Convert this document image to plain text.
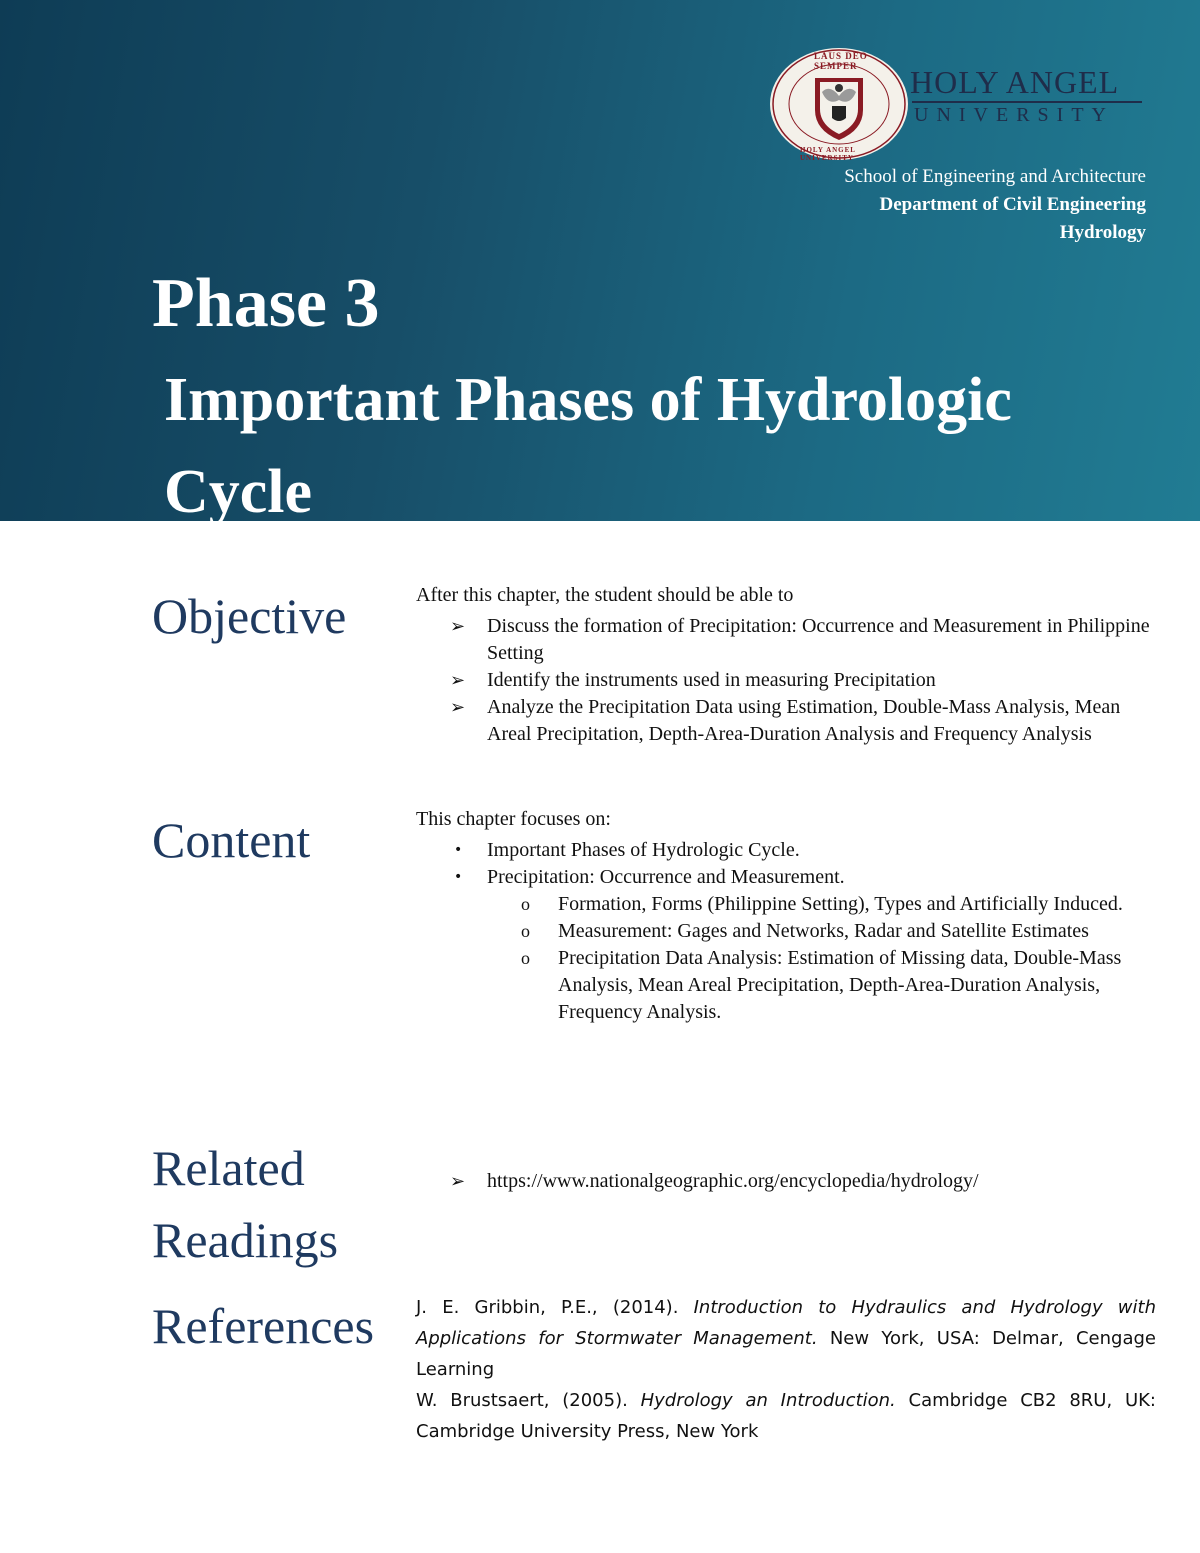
LAUS DEO SEMPER
HOLY ANGEL UNIVERSITY
HOLY ANGEL
UNIVERSITY
School of Engineering and Architecture
Department of Civil Engineering
Hydrology
Phase 3
Important Phases of Hydrologic
Cycle
Objective	After this chapter, the student should be able to

➢ Discuss the formation of Precipitation: Occurrence and Measurement in Philippine Setting
➢ Identify the instruments used in measuring Precipitation
➢ Analyze the Precipitation Data using Estimation, Double-Mass Analysis, Mean Areal Precipitation, Depth-Area-Duration Analysis and Frequency Analysis
Content	This chapter focuses on:

• Important Phases of Hydrologic Cycle.
• Precipitation: Occurrence and Measurement.
o Formation, Forms (Philippine Setting), Types and Artificially Induced.
o Measurement: Gages and Networks, Radar and Satellite Estimates
o Precipitation Data Analysis: Estimation of Missing data, Double-Mass Analysis, Mean Areal Precipitation, Depth-Area-Duration Analysis, Frequency Analysis.
Related
Readings
➢ https://www.nationalgeographic.org/encyclopedia/hydrology/
References J. E. Gribbin, P.E., (2014). Introduction to Hydraulics and Hydrology with Applications for Stormwater Management. New York, USA: Delmar, Cengage Learning

W. Brustsaert, (2005). Hydrology an Introduction. Cambridge CB2 8RU, UK: Cambridge University Press, New York
